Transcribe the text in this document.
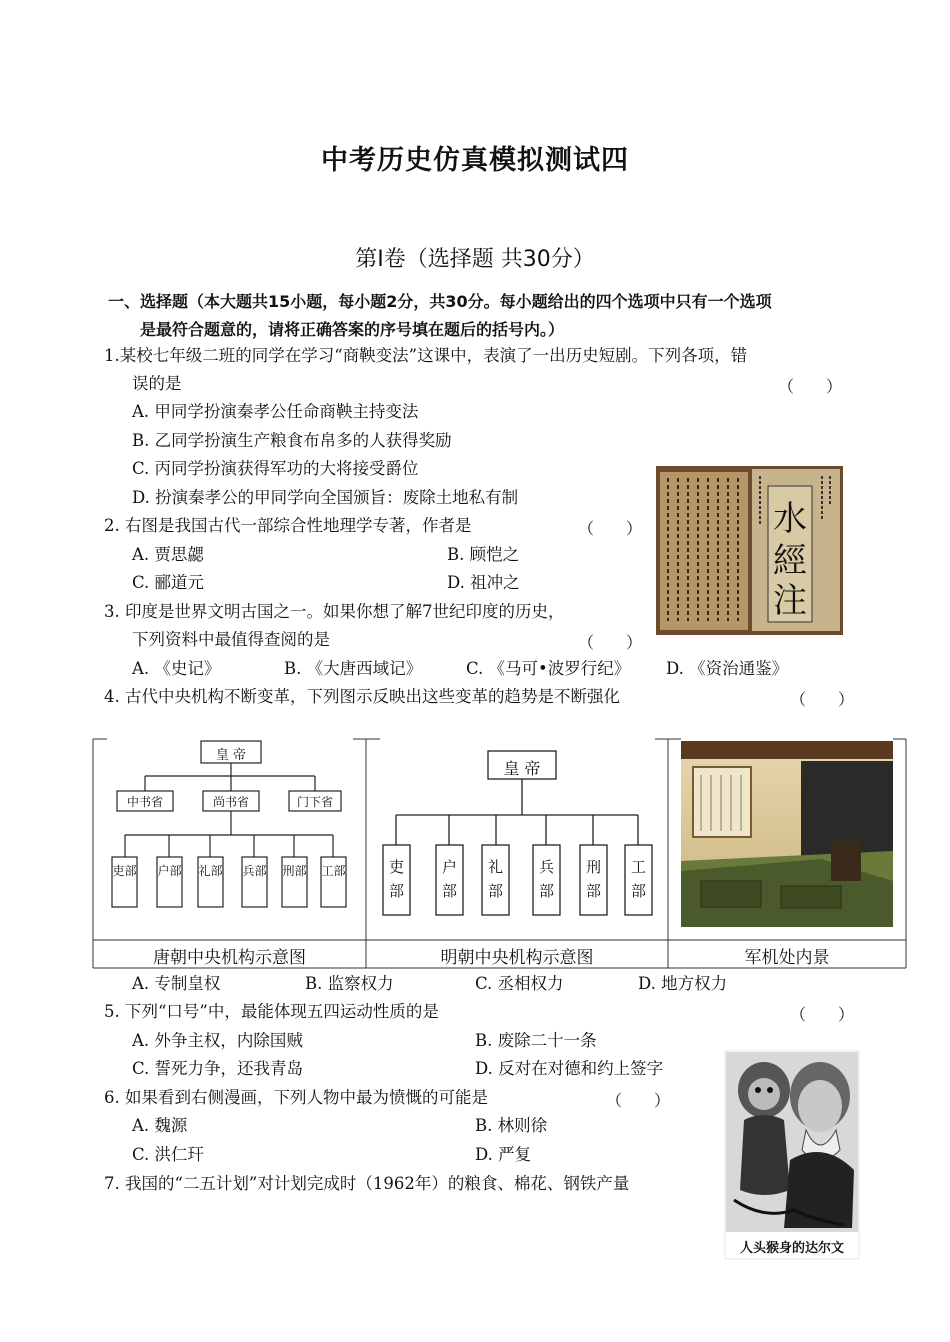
中考历史仿真模拟测试四
第Ⅰ卷（选择题 共30分）
一、选择题（本大题共15小题，每小题2分，共30分。每小题给出的四个选项中只有一个选项
是最符合题意的，请将正确答案的序号填在题后的括号内。）
1.某校七年级二班的同学在学习“商鞅变法”这课中，表演了一出历史短剧。下列各项，错
误的是	（　　）
A. 甲同学扮演秦孝公任命商鞅主持变法
B. 乙同学扮演生产粮食布帛多的人获得奖励
C. 丙同学扮演获得军功的大将接受爵位
D. 扮演秦孝公的甲同学向全国颁旨：废除土地私有制
水
經
注
2. 右图是我国古代一部综合性地理学专著，作者是	（　　）
A. 贾思勰	B. 顾恺之
C. 郦道元	D. 祖冲之
3. 印度是世界文明古国之一。如果你想了解7世纪印度的历史，
下列资料中最值得查阅的是	（　　）
A. 《史记》	B. 《大唐西域记》	C. 《马可•波罗行纪》 D. 《资治通鉴》
4. 古代中央机构不断变革，下列图示反映出这些变革的趋势是不断强化	（　　）
皇 帝
中书省	尚书省	门下省
吏部 户部 礼部 兵部 刑部 工部
唐朝中央机构示意图
皇 帝
吏部
户部
礼部
兵部
刑部
工部
明朝中央机构示意图	军机处内景
A. 专制皇权	B. 监察权力	C. 丞相权力	D. 地方权力
5. 下列“口号”中，最能体现五四运动性质的是	（　　）
A. 外争主权，内除国贼	B. 废除二十一条
C. 誓死力争，还我青岛	D. 反对在对德和约上签字
6. 如果看到右侧漫画，下列人物中最为愤慨的可能是	（　　）
A. 魏源	B. 林则徐
C. 洪仁玕	D. 严复
人头猴身的达尔文
7. 我国的“二五计划”对计划完成时（1962年）的粮食、棉花、钢铁产量
